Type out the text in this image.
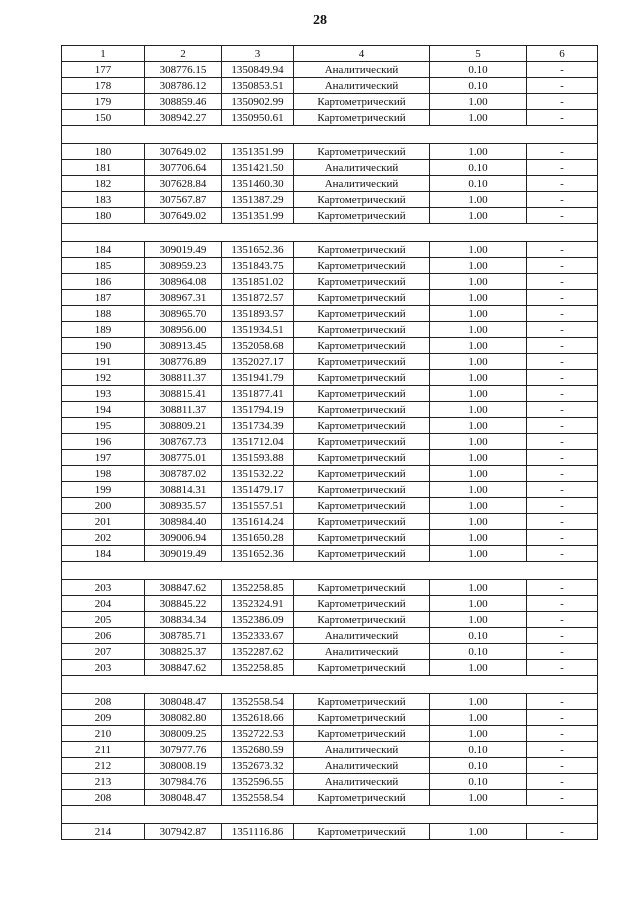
28
1	2	3	4	5	6
177	308776.15	1350849.94	Аналитический	0.10	-
178	308786.12	1350853.51	Аналитический	0.10	-
179	308859.46	1350902.99	Картометрический	1.00	-
150	308942.27	1350950.61	Картометрический	1.00	-

180	307649.02	1351351.99	Картометрический	1.00	-
181	307706.64	1351421.50	Аналитический	0.10	-
182	307628.84	1351460.30	Аналитический	0.10	-
183	307567.87	1351387.29	Картометрический	1.00	-
180	307649.02	1351351.99	Картометрический	1.00	-

184	309019.49	1351652.36	Картометрический	1.00	-
185	308959.23	1351843.75	Картометрический	1.00	-
186	308964.08	1351851.02	Картометрический	1.00	-
187	308967.31	1351872.57	Картометрический	1.00	-
188	308965.70	1351893.57	Картометрический	1.00	-
189	308956.00	1351934.51	Картометрический	1.00	-
190	308913.45	1352058.68	Картометрический	1.00	-
191	308776.89	1352027.17	Картометрический	1.00	-
192	308811.37	1351941.79	Картометрический	1.00	-
193	308815.41	1351877.41	Картометрический	1.00	-
194	308811.37	1351794.19	Картометрический	1.00	-
195	308809.21	1351734.39	Картометрический	1.00	-
196	308767.73	1351712.04	Картометрический	1.00	-
197	308775.01	1351593.88	Картометрический	1.00	-
198	308787.02	1351532.22	Картометрический	1.00	-
199	308814.31	1351479.17	Картометрический	1.00	-
200	308935.57	1351557.51	Картометрический	1.00	-
201	308984.40	1351614.24	Картометрический	1.00	-
202	309006.94	1351650.28	Картометрический	1.00	-
184	309019.49	1351652.36	Картометрический	1.00	-

203	308847.62	1352258.85	Картометрический	1.00	-
204	308845.22	1352324.91	Картометрический	1.00	-
205	308834.34	1352386.09	Картометрический	1.00	-
206	308785.71	1352333.67	Аналитический	0.10	-
207	308825.37	1352287.62	Аналитический	0.10	-
203	308847.62	1352258.85	Картометрический	1.00	-

208	308048.47	1352558.54	Картометрический	1.00	-
209	308082.80	1352618.66	Картометрический	1.00	-
210	308009.25	1352722.53	Картометрический	1.00	-
211	307977.76	1352680.59	Аналитический	0.10	-
212	308008.19	1352673.32	Аналитический	0.10	-
213	307984.76	1352596.55	Аналитический	0.10	-
208	308048.47	1352558.54	Картометрический	1.00	-

214	307942.87	1351116.86	Картометрический	1.00	-
